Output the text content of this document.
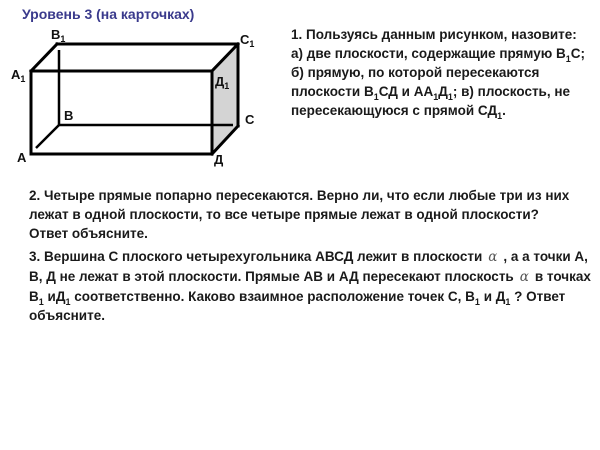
Уровень 3 (на карточках)
$В_1$	$С_1$
$А_1$	$Д_1$
В	С
А	Д
1. Пользуясь данным рисунком, назовите: а) две плоскости, содержащие прямую $В_1С$; б) прямую, по которой пересекаются плоскости $В_1СД$ и $АА_1Д_1$; в) плоскость, не пересекающуюся с прямой $СД_1$.
2. Четыре прямые попарно пересекаются. Верно ли, что если любые три из них лежат в одной плоскости, то все четыре прямые лежат в одной плоскости? Ответ объясните.
3. Вершина С плоского четырехугольника АВСД лежит в плоскости α , а а точки А, В, Д не лежат в этой плоскости. Прямые АВ и АД пересекают плоскость α в точках $В_1$ $иД_1$ соответственно. Каково взаимное расположение точек С, $В_1$ и $Д_1$ ? Ответ объясните.
